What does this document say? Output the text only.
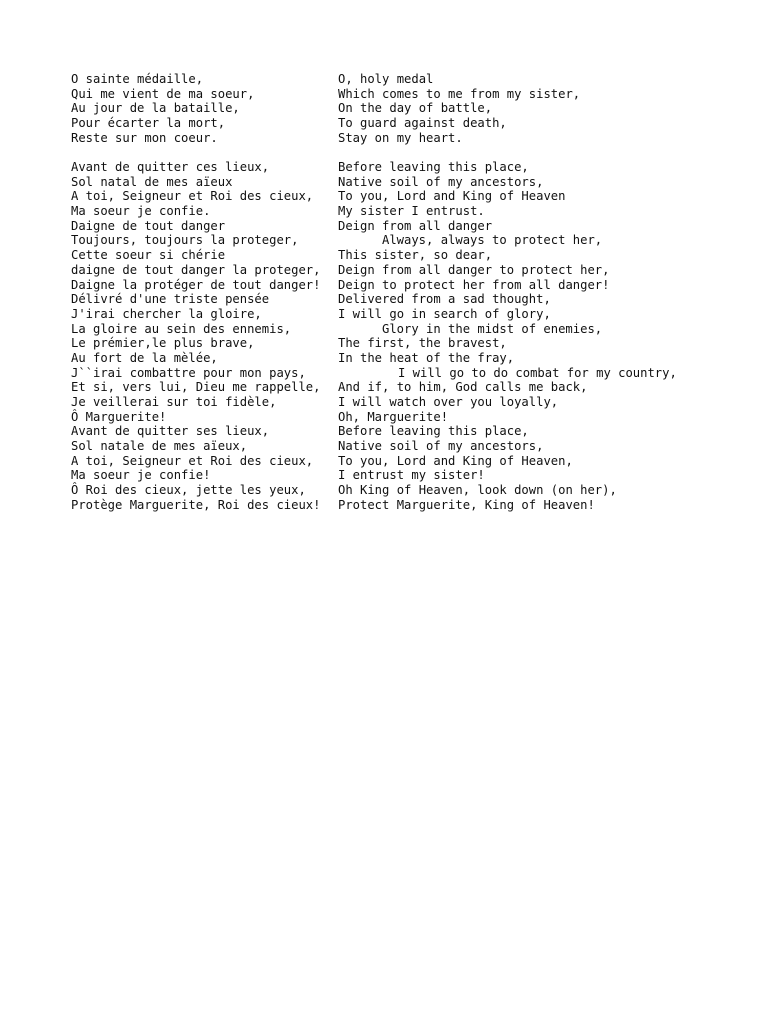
O sainte médaille,	O, holy medal
Qui me vient de ma soeur,	Which comes to me from my sister,
Au jour de la bataille,	On the day of battle,
Pour écarter la mort,	To guard against death,
Reste sur mon coeur.	Stay on my heart.
Avant de quitter ces lieux,	Before leaving this place,
Sol natal de mes aïeux	Native soil of my ancestors,
A toi, Seigneur et Roi des cieux,	To you, Lord and King of Heaven
Ma soeur je confie.	My sister I entrust.
Daigne de tout danger	Deign from all danger
Toujours, toujours la proteger,	Always, always to protect her,
Cette soeur si chérie	This sister, so dear,
daigne de tout danger la proteger,	Deign from all danger to protect her,
Daigne la protéger de tout danger!	Deign to protect her from all danger!
Délivré d'une triste pensée	Delivered from a sad thought,
J'irai chercher la gloire,	I will go in search of glory,
La gloire au sein des ennemis,	Glory in the midst of enemies,
Le prémier,le plus brave,	The first, the bravest,
Au fort de la mèlée,	In the heat of the fray,
J``irai combattre pour mon pays,	I will go to do combat for my country,
Et si, vers lui, Dieu me rappelle,	And if, to him, God calls me back,
Je veillerai sur toi fidèle,	I will watch over you loyally,
Ô Marguerite!	Oh, Marguerite!
Avant de quitter ses lieux,	Before leaving this place,
Sol natale de mes aïeux,	Native soil of my ancestors,
A toi, Seigneur et Roi des cieux,	To you, Lord and King of Heaven,
Ma soeur je confie!	I entrust my sister!
Ô Roi des cieux, jette les yeux,	Oh King of Heaven, look down (on her),
Protège Marguerite, Roi des cieux!	Protect Marguerite, King of Heaven!
